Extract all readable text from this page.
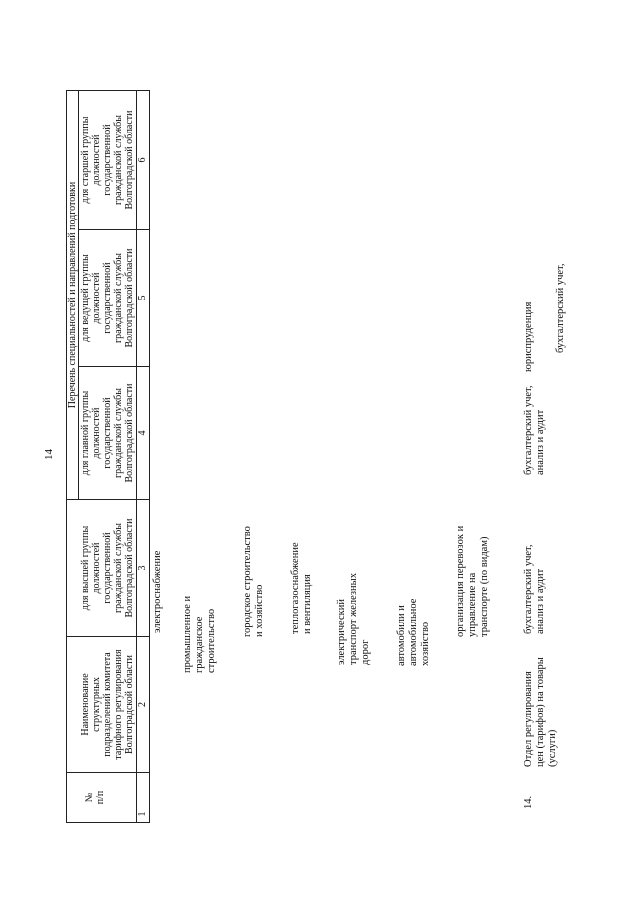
14
№ п/п
Наименование структурных подразделений комитета тарифного регулирования Волгоградской области
Перечень специальностей и направлений подготовки
для высшей группы должностей государственной гражданской службы Волгоградской области
для главной группы должностей государственной гражданской службы Волгоградской области
для ведущей группы должностей государственной гражданской службы Волгоградской области
для старшей группы должностей государственной гражданской службы Волгоградской области
1
2
3
4
5
6
электроснабжение
промышленное и гражданское строительство
городское строительство и хозяйство теплогазоснабжение и вентиляция электрический транспорт железных дорог автомобили и автомобильное хозяйство
организация перевозок и управление на транспорте (по видам)
14.
Отдел регулирования цен (тарифов) на товары (услуги)
бухгалтерский учет, анализ и аудит
бухгалтерский учет, анализ и аудит
юриспруденция бухгалтерский учет,
